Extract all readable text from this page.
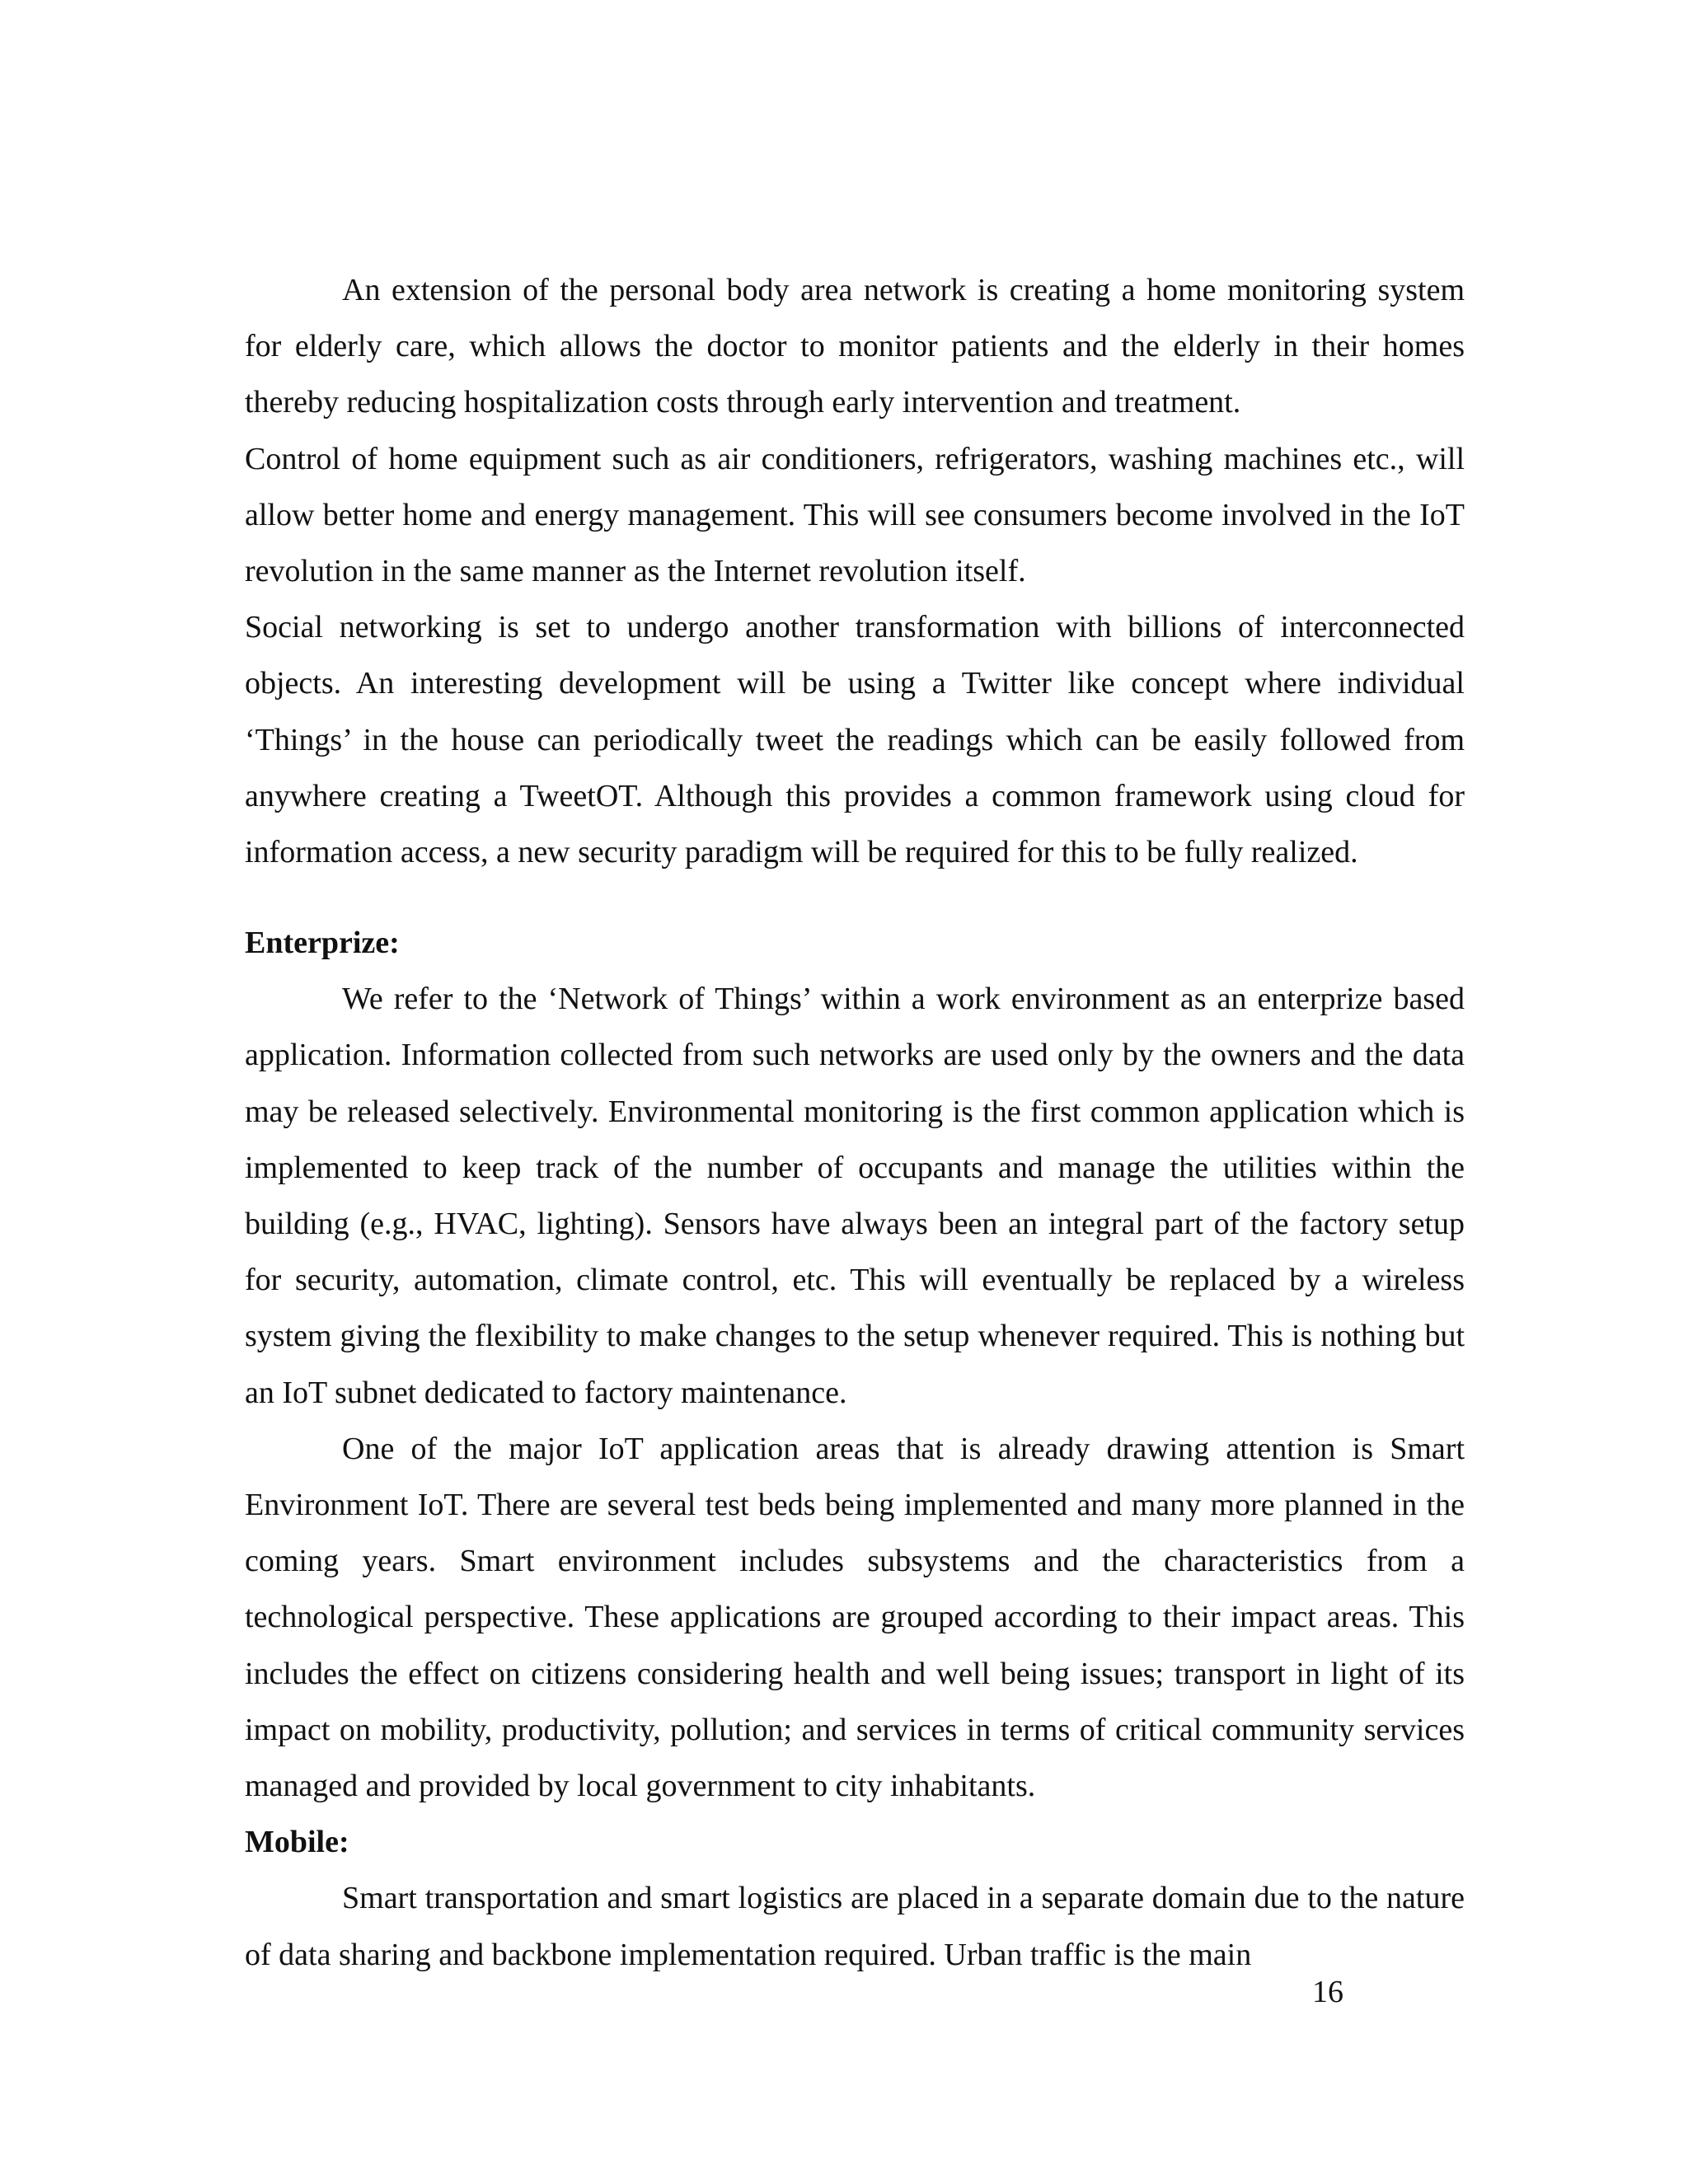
An extension of the personal body area network is creating a home monitoring system for elderly care, which allows the doctor to monitor patients and the elderly in their homes thereby reducing hospitalization costs through early intervention and treatment.

Control of home equipment such as air conditioners, refrigerators, washing machines etc., will allow better home and energy management. This will see consumers become involved in the IoT revolution in the same manner as the Internet revolution itself.

Social networking is set to undergo another transformation with billions of interconnected objects. An interesting development will be using a Twitter like concept where individual ‘Things’ in the house can periodically tweet the readings which can be easily followed from anywhere creating a TweetOT. Although this provides a common framework using cloud for information access, a new security paradigm will be required for this to be fully realized.

Enterprize:

We refer to the ‘Network of Things’ within a work environment as an enterprize based application. Information collected from such networks are used only by the owners and the data may be released selectively. Environmental monitoring is the first common application which is implemented to keep track of the number of occupants and manage the utilities within the building (e.g., HVAC, lighting). Sensors have always been an integral part of the factory setup for security, automation, climate control, etc. This will eventually be replaced by a wireless system giving the flexibility to make changes to the setup whenever required. This is nothing but an IoT subnet dedicated to factory maintenance.

One of the major IoT application areas that is already drawing attention is Smart Environment IoT. There are several test beds being implemented and many more planned in the coming years. Smart environment includes subsystems and the characteristics from a technological perspective. These applications are grouped according to their impact areas. This includes the effect on citizens considering health and well being issues; transport in light of its impact on mobility, productivity, pollution; and services in terms of critical community services managed and provided by local government to city inhabitants.

Mobile:

Smart transportation and smart logistics are placed in a separate domain due to the nature of data sharing and backbone implementation required. Urban traffic is the main

16
